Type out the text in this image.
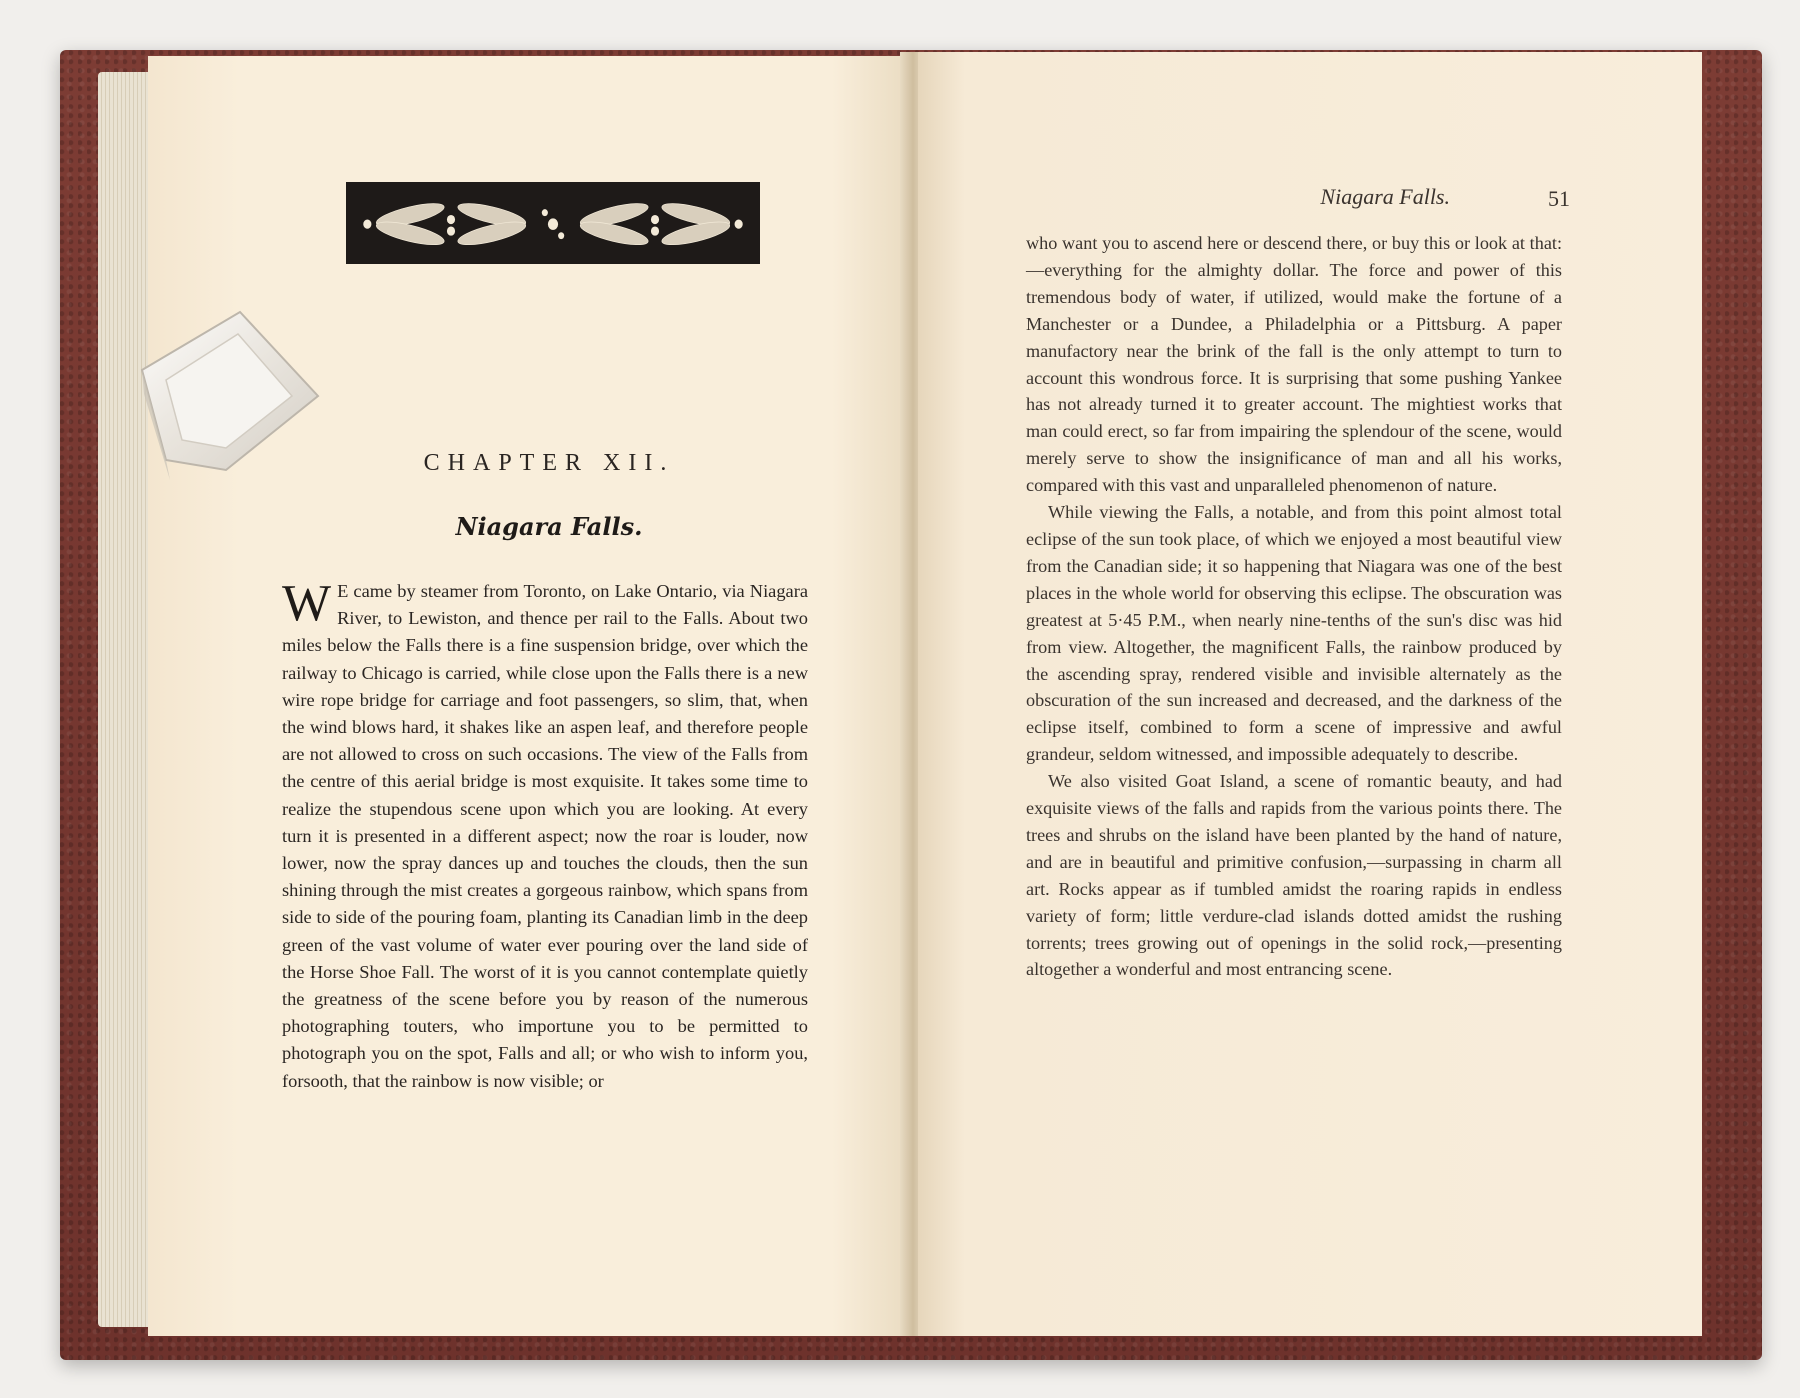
CHAPTER XII.
Niagara Falls.
W E came by steamer from Toronto, on Lake Ontario, via Niagara River, to Lewiston, and thence per rail to the Falls. About two miles below the Falls there is a fine suspension bridge, over which the railway to Chicago is carried, while close upon the Falls there is a new wire rope bridge for carriage and foot passengers, so slim, that, when the wind blows hard, it shakes like an aspen leaf, and therefore people are not allowed to cross on such occasions. The view of the Falls from the centre of this aerial bridge is most exquisite. It takes some time to realize the stupendous scene upon which you are looking. At every turn it is presented in a different aspect; now the roar is louder, now lower, now the spray dances up and touches the clouds, then the sun shining through the mist creates a gorgeous rainbow, which spans from side to side of the pouring foam, planting its Canadian limb in the deep green of the vast volume of water ever pouring over the land side of the Horse Shoe Fall. The worst of it is you cannot contemplate quietly the greatness of the scene before you by reason of the numerous photographing touters, who importune you to be permitted to photograph you on the spot, Falls and all; or who wish to inform you, forsooth, that the rainbow is now visible; or

Niagara Falls.	51

who want you to ascend here or descend there, or buy this or look at that:—everything for the almighty dollar. The force and power of this tremendous body of water, if utilized, would make the fortune of a Manchester or a Dundee, a Philadelphia or a Pittsburg. A paper manufactory near the brink of the fall is the only attempt to turn to account this wondrous force. It is surprising that some pushing Yankee has not already turned it to greater account. The mightiest works that man could erect, so far from impairing the splendour of the scene, would merely serve to show the insignificance of man and all his works, compared with this vast and unparalleled phenomenon of nature.

While viewing the Falls, a notable, and from this point almost total eclipse of the sun took place, of which we enjoyed a most beautiful view from the Canadian side; it so happening that Niagara was one of the best places in the whole world for observing this eclipse. The obscuration was greatest at 5·45 P.M., when nearly nine-tenths of the sun's disc was hid from view. Altogether, the magnificent Falls, the rainbow produced by the ascending spray, rendered visible and invisible alternately as the obscuration of the sun increased and decreased, and the darkness of the eclipse itself, combined to form a scene of impressive and awful grandeur, seldom witnessed, and impossible adequately to describe.

We also visited Goat Island, a scene of romantic beauty, and had exquisite views of the falls and rapids from the various points there. The trees and shrubs on the island have been planted by the hand of nature, and are in beautiful and primitive confusion,—surpassing in charm all art. Rocks appear as if tumbled amidst the roaring rapids in endless variety of form; little verdure-clad islands dotted amidst the rushing torrents; trees growing out of openings in the solid rock,—presenting altogether a wonderful and most entrancing scene.
